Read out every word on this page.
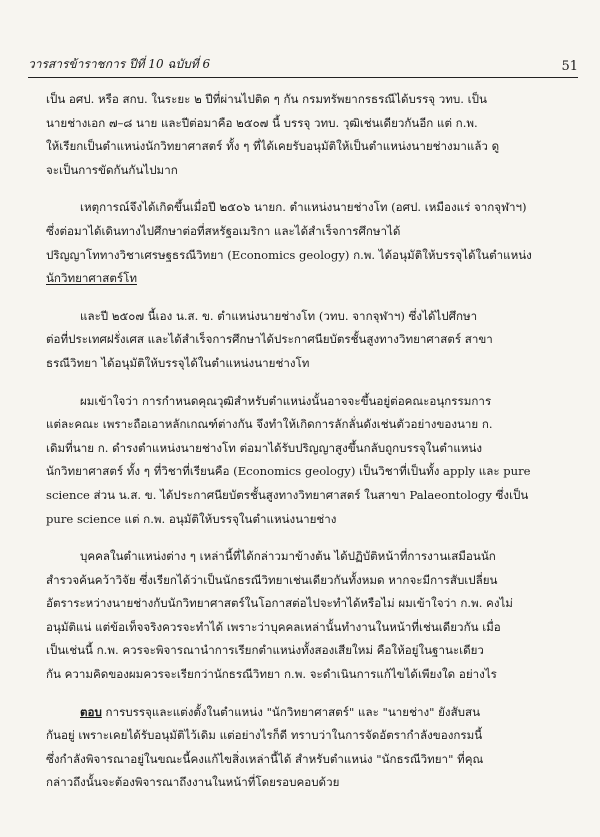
วารสารข้าราชการ ปีที่ 10 ฉบับที่ 6	51

เป็น อศป. หรือ สกบ. ในระยะ ๒ ปีที่ผ่านไปติด ๆ กัน กรมทรัพยากรธรณีได้บรรจุ วทบ. เป็น
นายช่างเอก ๗–๘ นาย และปีต่อมาคือ ๒๕๐๗ นี้ บรรจุ วทบ. วุฒิเช่นเดียวกันอีก แต่ ก.พ.
ให้เรียกเป็นตำแหน่งนักวิทยาศาสตร์ ทั้ง ๆ ที่ได้เคยรับอนุมัติให้เป็นตำแหน่งนายช่างมาแล้ว ดู
จะเป็นการขัดกันกันไปมาก

เหตุการณ์จึงได้เกิดขึ้นเมื่อปี ๒๕๐๖ นายก. ตำแหน่งนายช่างโท (อศป. เหมืองแร่ จากจุฬาฯ)
ซึ่งต่อมาได้เดินทางไปศึกษาต่อที่สหรัฐอเมริกา และได้สำเร็จการศึกษาได้
ปริญญาโททางวิชาเศรษฐธรณีวิทยา (Economics geology) ก.พ. ได้อนุมัติให้บรรจุได้ในตำแหน่ง
นักวิทยาศาสตร์โท

และปี ๒๕๐๗ นี้เอง น.ส. ข. ตำแหน่งนายช่างโท (วทบ. จากจุฬาฯ) ซึ่งได้ไปศึกษา
ต่อที่ประเทศฝรั่งเศส และได้สำเร็จการศึกษาได้ประกาศนียบัตรชั้นสูงทางวิทยาศาสตร์ สาขา
ธรณีวิทยา ได้อนุมัติให้บรรจุได้ในตำแหน่งนายช่างโท

ผมเข้าใจว่า การกำหนดคุณวุฒิสำหรับตำแหน่งนั้นอาจจะขึ้นอยู่ต่อคณะอนุกรรมการ
แต่ละคณะ เพราะถือเอาหลักเกณฑ์ต่างกัน จึงทำให้เกิดการลักลั่นดังเช่นตัวอย่างของนาย ก.
เดิมที่นาย ก. ดำรงตำแหน่งนายช่างโท ต่อมาได้รับปริญญาสูงขึ้นกลับถูกบรรจุในตำแหน่ง
นักวิทยาศาสตร์ ทั้ง ๆ ที่วิชาที่เรียนคือ (Economics geology) เป็นวิชาที่เป็นทั้ง apply และ pure
science ส่วน น.ส. ข. ได้ประกาศนียบัตรชั้นสูงทางวิทยาศาสตร์ ในสาขา Palaeontology ซึ่งเป็น
pure science แต่ ก.พ. อนุมัติให้บรรจุในตำแหน่งนายช่าง

บุคคลในตำแหน่งต่าง ๆ เหล่านี้ที่ได้กล่าวมาข้างต้น ได้ปฏิบัติหน้าที่การงานเสมือนนัก
สำรวจค้นคว้าวิจัย ซึ่งเรียกได้ว่าเป็นนักธรณีวิทยาเช่นเดียวกันทั้งหมด หากจะมีการสับเปลี่ยน
อัตราระหว่างนายช่างกับนักวิทยาศาสตร์ในโอกาสต่อไปจะทำได้หรือไม่ ผมเข้าใจว่า ก.พ. คงไม่
อนุมัติแน่ แต่ข้อเท็จจริงควรจะทำได้ เพราะว่าบุคคลเหล่านั้นทำงานในหน้าที่เช่นเดียวกัน เมื่อ
เป็นเช่นนี้ ก.พ. ควรจะพิจารณานำการเรียกตำแหน่งทั้งสองเสียใหม่ คือให้อยู่ในฐานะเดียว
กัน ความคิดของผมควรจะเรียกว่านักธรณีวิทยา ก.พ. จะดำเนินการแก้ไขได้เพียงใด อย่างไร

ตอบ การบรรจุและแต่งตั้งในตำแหน่ง "นักวิทยาศาสตร์" และ "นายช่าง" ยังสับสน
กันอยู่ เพราะเคยได้รับอนุมัติไว้เดิม แต่อย่างไรก็ดี ทราบว่าในการจัดอัตรากำลังของกรมนี้
ซึ่งกำลังพิจารณาอยู่ในขณะนี้คงแก้ไขสิ่งเหล่านี้ได้ สำหรับตำแหน่ง "นักธรณีวิทยา" ที่คุณ
กล่าวถึงนั้นจะต้องพิจารณาถึงงานในหน้าที่โดยรอบคอบด้วย
